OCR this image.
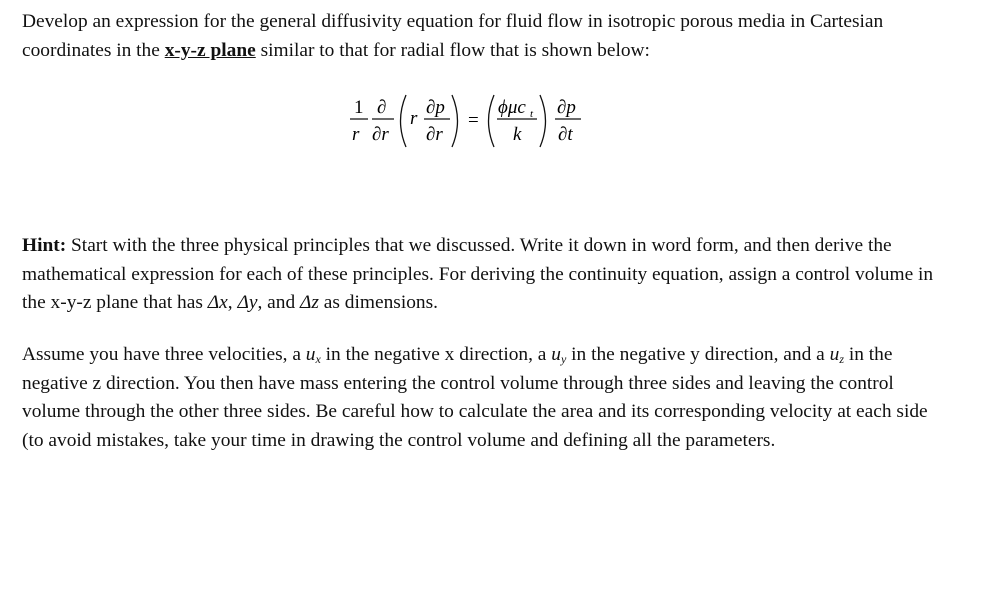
Develop an expression for the general diffusivity equation for fluid flow in isotropic porous media in Cartesian coordinates in the x-y-z plane similar to that for radial flow that is shown below:
1
r
∂
∂r
r
∂p
∂r
=
ϕμc t
k
∂p
∂t
Hint: Start with the three physical principles that we discussed. Write it down in word form, and then derive the mathematical expression for each of these principles. For deriving the continuity equation, assign a control volume in the x-y-z plane that has Δx, Δy, and Δz as dimensions.
Assume you have three velocities, a $u_x$ in the negative x direction, a $u_y$ in the negative y direction, and a $u_z$ in the negative z direction. You then have mass entering the control volume through three sides and leaving the control volume through the other three sides. Be careful how to calculate the area and its corresponding velocity at each side (to avoid mistakes, take your time in drawing the control volume and defining all the parameters.
